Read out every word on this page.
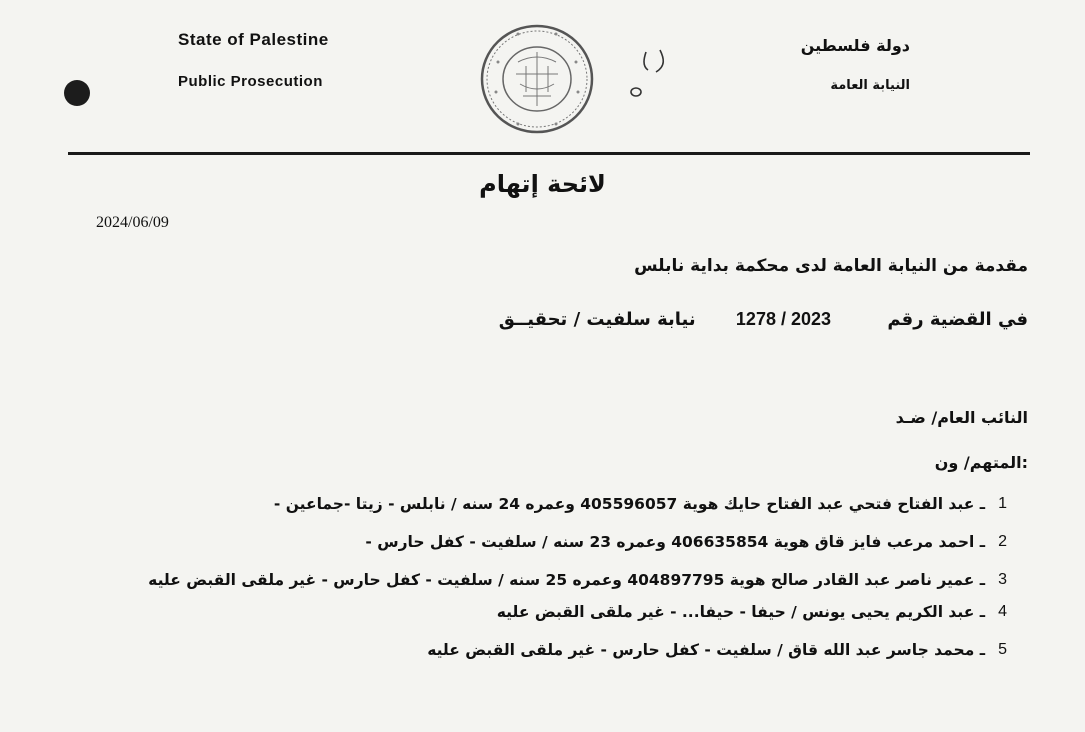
State of Palestine
Public Prosecution
دولة فلسطين
النيابة العامة
لائحة إتهام
2024/06/09
مقدمة من النيابة العامة لدى محكمة بداية نابلس
في القضية رقم 2023 / 1278 نيابة سلفيت / تحقيــق
النائب العام/ ضـد
:المتهم/ ون
1
ـ عبد الفتاح فتحي عبد الفتاح حايك هوية 405596057 وعمره 24 سنه / نابلس - زيتا -جماعين -
2
ـ احمد مرعب فايز قاق هوية 406635854 وعمره 23 سنه / سلفيت - كفل حارس -
3
ـ عمير ناصر عبد القادر صالح هوية 404897795 وعمره 25 سنه / سلفيت - كفل حارس - غير ملقى القبض عليه
4
ـ عبد الكريم يحيى يونس / حيفا - حيفا... - غير ملقى القبض عليه
5
ـ محمد جاسر عبد الله قاق / سلفيت - كفل حارس - غير ملقى القبض عليه
